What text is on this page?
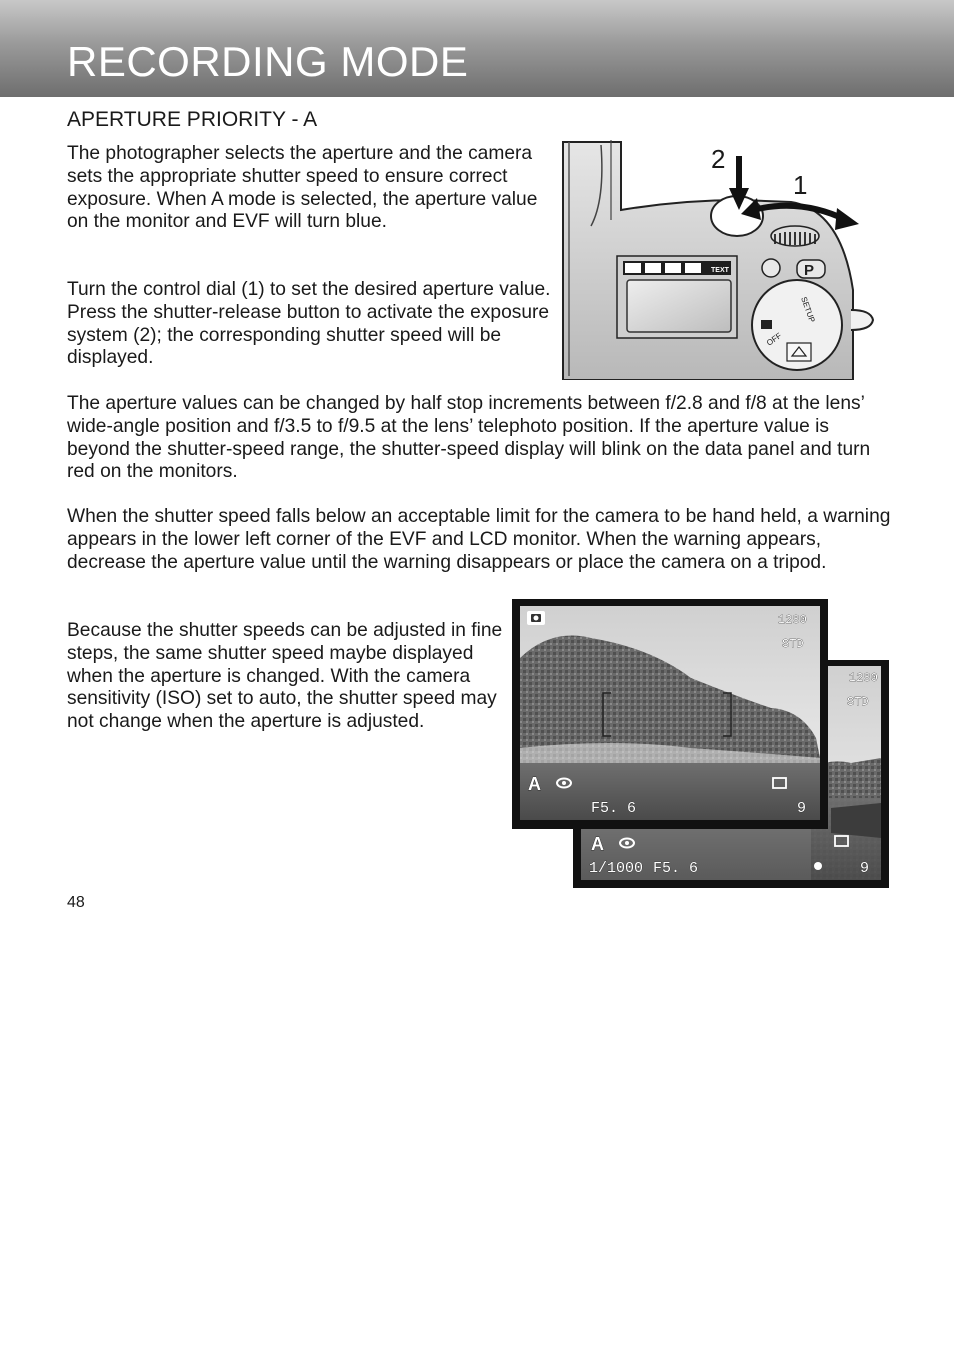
RECORDING MODE
APERTURE PRIORITY - A

The photographer selects the aperture and the camera sets the appropriate shutter speed to ensure correct exposure. When A mode is selected, the aperture value on the monitor and EVF will turn blue.

Turn the control dial (1) to set the desired aperture value. Press the shutter-release button to activate the exposure system (2); the corresponding shutter speed will be displayed.

The aperture values can be changed by half stop increments between f/2.8 and f/8 at the lens’ wide-angle position and f/3.5 to f/9.5 at the lens’ telephoto position. If the aperture value is beyond the shutter-speed range, the shutter-speed display will blink on the data panel and turn red on the monitors.

When the shutter speed falls below an acceptable limit for the camera to be hand held, a warning appears in the lower left corner of the EVF and LCD monitor. When the warning appears, decrease the aperture value until the warning disappears or place the camera on a tripod.

Because the shutter speeds can be adjusted in fine steps, the same shutter speed maybe displayed when the aperture is changed. With the camera sensitivity (ISO) set to auto, the shutter speed may not change when the aperture is adjusted.

2
1
TEXT	P
SETUP
OFF
1280
STD
A
1/1000 F5. 6	9
1280
STD
A
F5. 6	9
48
